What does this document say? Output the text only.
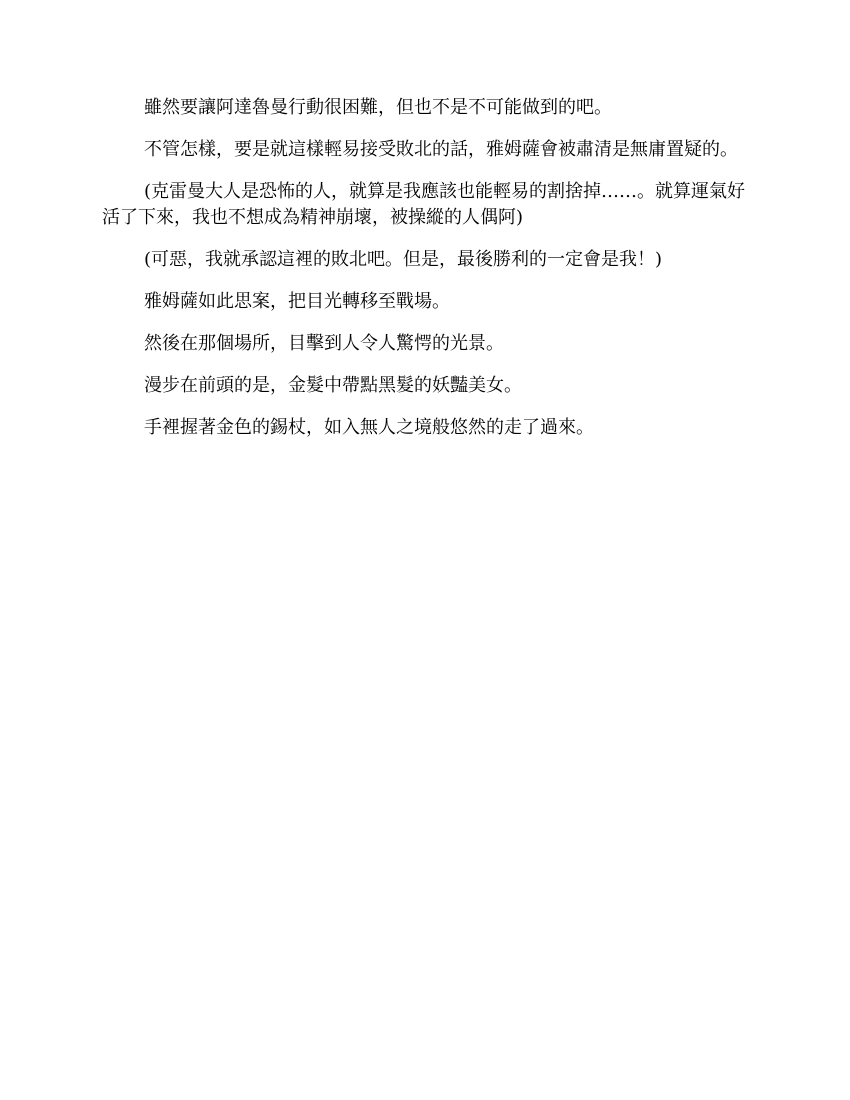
雖然要讓阿達魯曼行動很困難，但也不是不可能做到的吧。

不管怎樣，要是就這樣輕易接受敗北的話，雅姆薩會被肅清是無庸置疑的。

(克雷曼大人是恐怖的人，就算是我應該也能輕易的割捨掉……。就算運氣好活了下來，我也不想成為精神崩壞，被操縱的人偶阿)

(可惡，我就承認這裡的敗北吧。但是，最後勝利的一定會是我！)

雅姆薩如此思案，把目光轉移至戰場。

然後在那個場所，目擊到人令人驚愕的光景。

漫步在前頭的是，金髮中帶點黑髮的妖豔美女。

手裡握著金色的錫杖，如入無人之境般悠然的走了過來。
